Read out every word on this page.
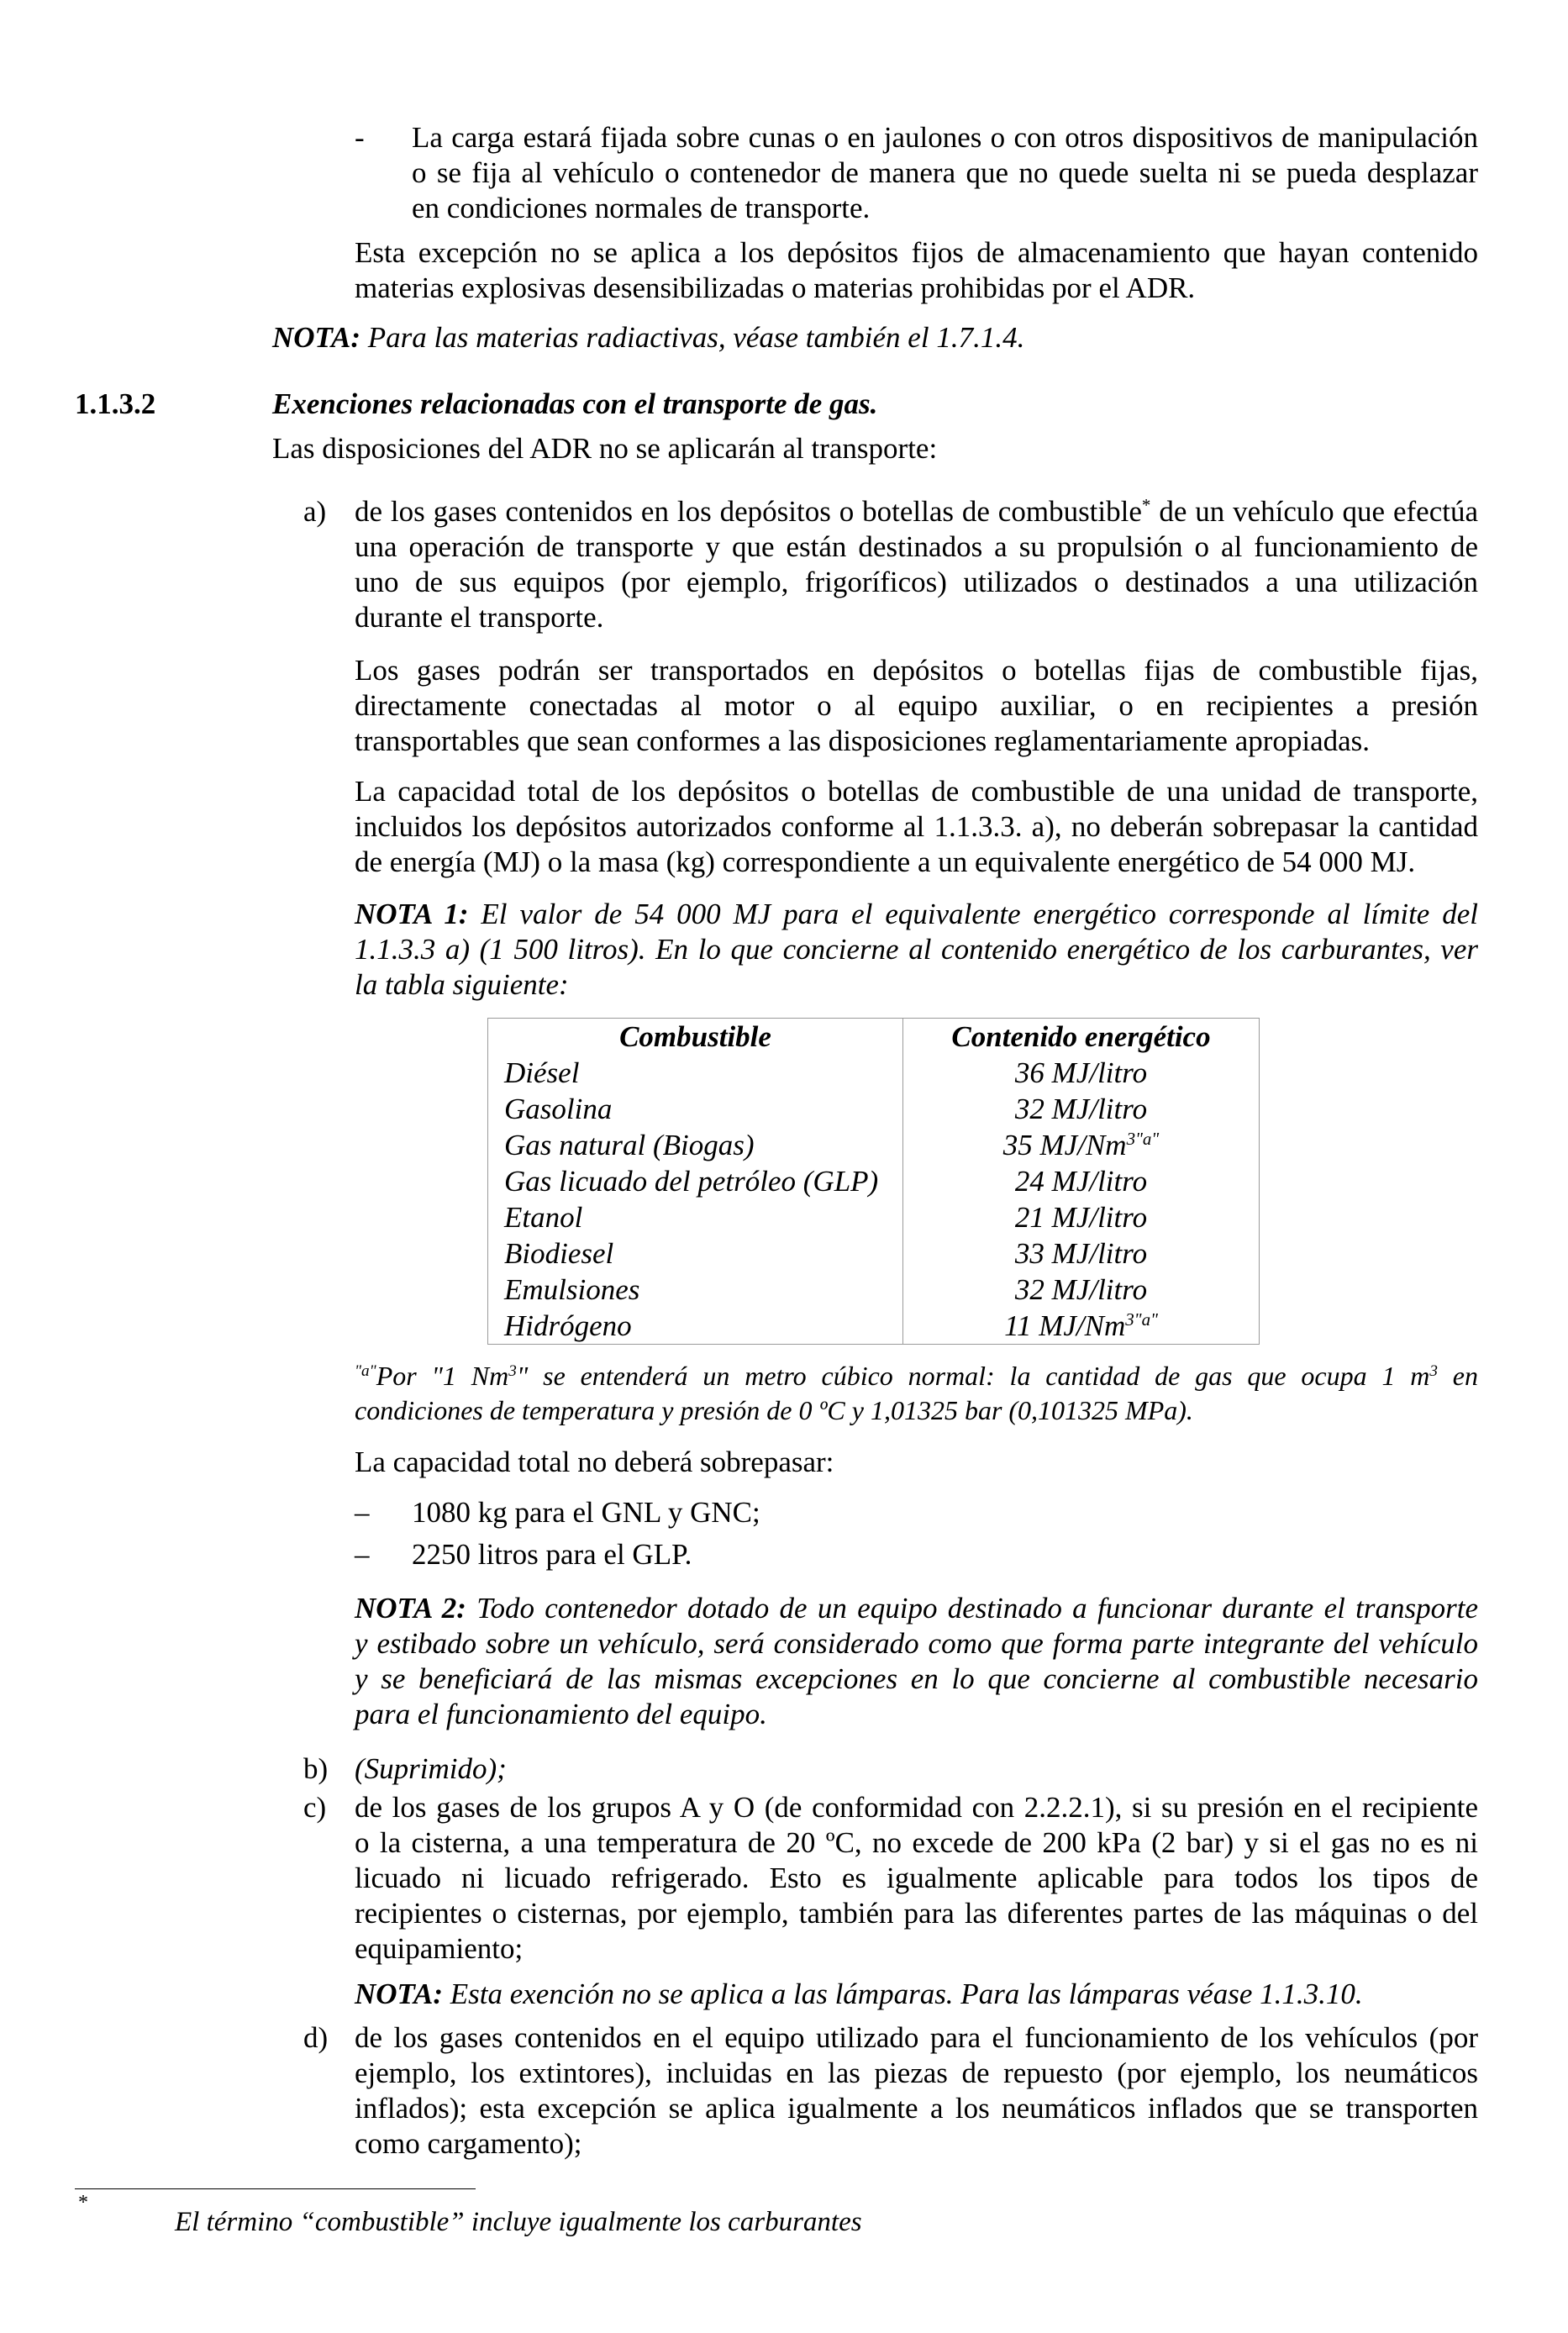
- La carga estará fijada sobre cunas o en jaulones o con otros dispositivos de manipulación
o se fija al vehículo o contenedor de manera que no quede suelta ni se pueda desplazar
en condiciones normales de transporte.
Esta excepción no se aplica a los depósitos fijos de almacenamiento que hayan contenido
materias explosivas desensibilizadas o materias prohibidas por el ADR.
NOTA: Para las materias radiactivas, véase también el 1.7.1.4.
1.1.3.2	Exenciones relacionadas con el transporte de gas.
Las disposiciones del ADR no se aplicarán al transporte:
a) de los gases contenidos en los depósitos o botellas de combustible* de un vehículo que efectúa
una operación de transporte y que están destinados a su propulsión o al funcionamiento de
uno de sus equipos (por ejemplo, frigoríficos) utilizados o destinados a una utilización
durante el transporte.
Los gases podrán ser transportados en depósitos o botellas fijas de combustible fijas,
directamente conectadas al motor o al equipo auxiliar, o en recipientes a presión
transportables que sean conformes a las disposiciones reglamentariamente apropiadas.
La capacidad total de los depósitos o botellas de combustible de una unidad de transporte,
incluidos los depósitos autorizados conforme al 1.1.3.3. a), no deberán sobrepasar la cantidad
de energía (MJ) o la masa (kg) correspondiente a un equivalente energético de 54 000 MJ.
NOTA 1: El valor de 54 000 MJ para el equivalente energético corresponde al límite del
1.1.3.3 a) (1 500 litros). En lo que concierne al contenido energético de los carburantes, ver
la tabla siguiente:
Combustible	Contenido energético
Diésel	36 MJ/litro
Gasolina	32 MJ/litro
Gas natural (Biogas)	35 $MJ/Nm^{3"a"}$
Gas licuado del petróleo (GLP)	24 MJ/litro
Etanol	21 MJ/litro
Biodiesel	33 MJ/litro
Emulsiones	32 MJ/litro
Hidrógeno	11 $MJ/Nm^{3"a"}$
$^{"a"}$Por "1 Nm$^3$" se entenderá un metro cúbico normal: la cantidad de gas que ocupa 1 $m^3$ en
condiciones de temperatura y presión de 0 ºC y 1,01325 bar (0,101325 MPa).
La capacidad total no deberá sobrepasar:
– 1080 kg para el GNL y GNC;
– 2250 litros para el GLP.
NOTA 2: Todo contenedor dotado de un equipo destinado a funcionar durante el transporte
y estibado sobre un vehículo, será considerado como que forma parte integrante del vehículo
y se beneficiará de las mismas excepciones en lo que concierne al combustible necesario
para el funcionamiento del equipo.
b) (Suprimido);
c) de los gases de los grupos A y O (de conformidad con 2.2.2.1), si su presión en el recipiente
o la cisterna, a una temperatura de 20 ºC, no excede de 200 kPa (2 bar) y si el gas no es ni
licuado ni licuado refrigerado. Esto es igualmente aplicable para todos los tipos de
recipientes o cisternas, por ejemplo, también para las diferentes partes de las máquinas o del
equipamiento;
NOTA: Esta exención no se aplica a las lámparas. Para las lámparas véase 1.1.3.10.
d) de los gases contenidos en el equipo utilizado para el funcionamiento de los vehículos (por
ejemplo, los extintores), incluidas en las piezas de repuesto (por ejemplo, los neumáticos
inflados); esta excepción se aplica igualmente a los neumáticos inflados que se transporten
como cargamento);
*
El término “combustible” incluye igualmente los carburantes
